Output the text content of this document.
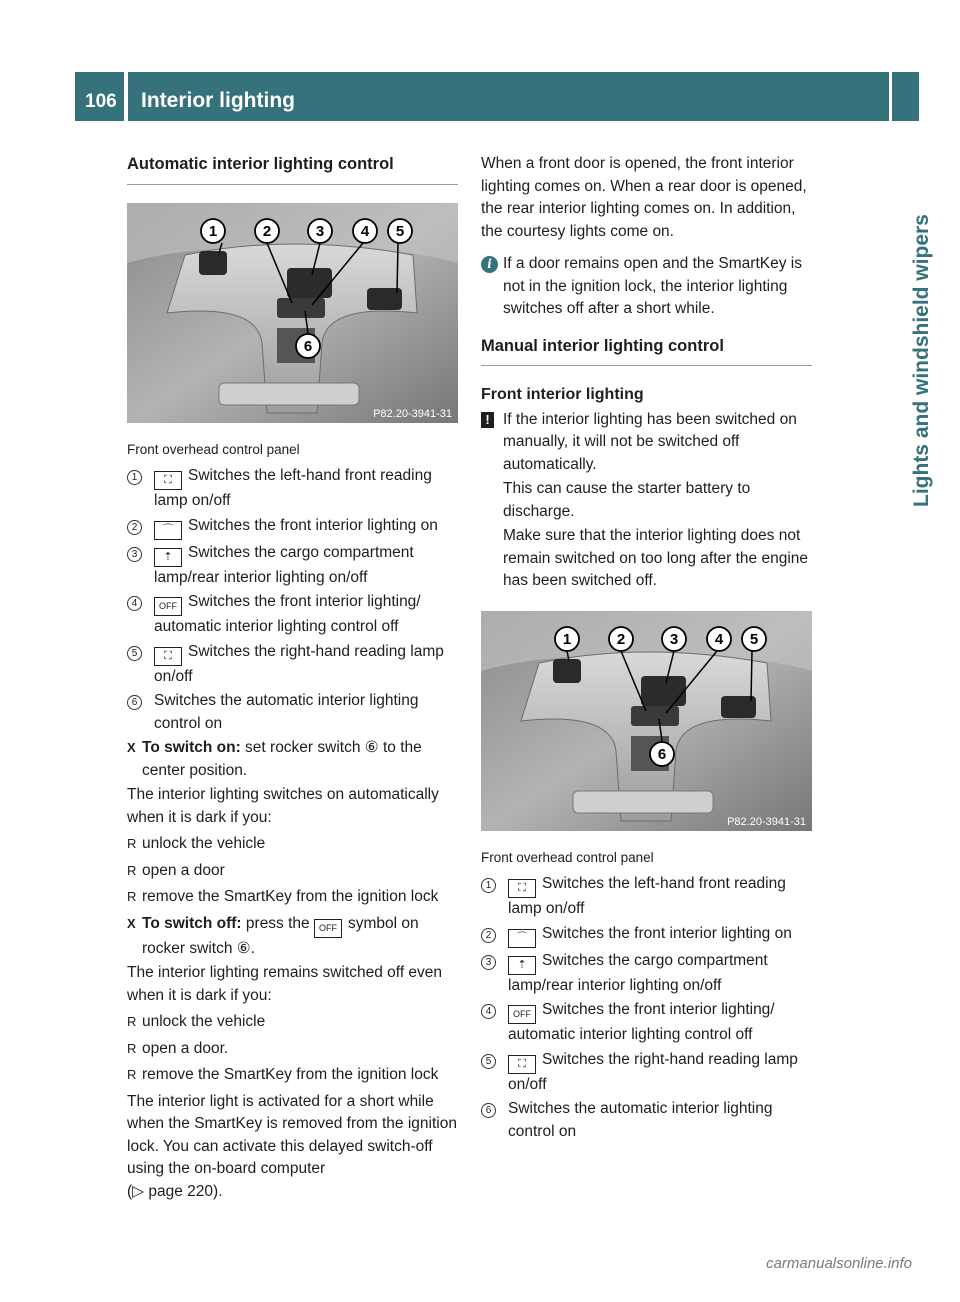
106 Interior lighting
Lights and windshield wipers

Automatic interior lighting control

1	2	3 4 5
6
P82.20-3941-31

Front overhead control panel

1	⛶ Switches the left-hand front reading lamp on/off
2	⌒ Switches the front interior lighting on
3	⇡ Switches the cargo compartment lamp/rear interior lighting on/off
4	OFF Switches the front interior lighting/ automatic interior lighting control off
5	⛶ Switches the right-hand reading lamp on/off
6	Switches the automatic interior lighting control on
X To switch on: set rocker switch ⑥ to the center position.

The interior lighting switches on automatically when it is dark if you:

R unlock the vehicle
R open a door
R remove the SmartKey from the ignition lock
X To switch off: press the OFF symbol on rocker switch ⑥.

The interior lighting remains switched off even when it is dark if you:

R unlock the vehicle
R open a door.
R remove the SmartKey from the ignition lock

The interior light is activated for a short while when the SmartKey is removed from the ignition lock. You can activate this delayed switch-off using the on-board computer
(▷ page 220).

When a front door is opened, the front interior lighting comes on. When a rear door is opened, the rear interior lighting comes on. In addition, the courtesy lights come on.

i If a door remains open and the SmartKey is not in the ignition lock, the interior lighting switches off after a short while.

Manual interior lighting control

Front interior lighting

! If the interior lighting has been switched on manually, it will not be switched off automatically.

This can cause the starter battery to discharge.

Make sure that the interior lighting does not remain switched on too long after the engine has been switched off.

1	2	3 4 5
6
P82.20-3941-31

Front overhead control panel

1	⛶ Switches the left-hand front reading lamp on/off
2	⌒ Switches the front interior lighting on
3	⇡ Switches the cargo compartment lamp/rear interior lighting on/off
4	OFF Switches the front interior lighting/ automatic interior lighting control off
5	⛶ Switches the right-hand reading lamp on/off
6	Switches the automatic interior lighting control on
carmanualsonline.info
